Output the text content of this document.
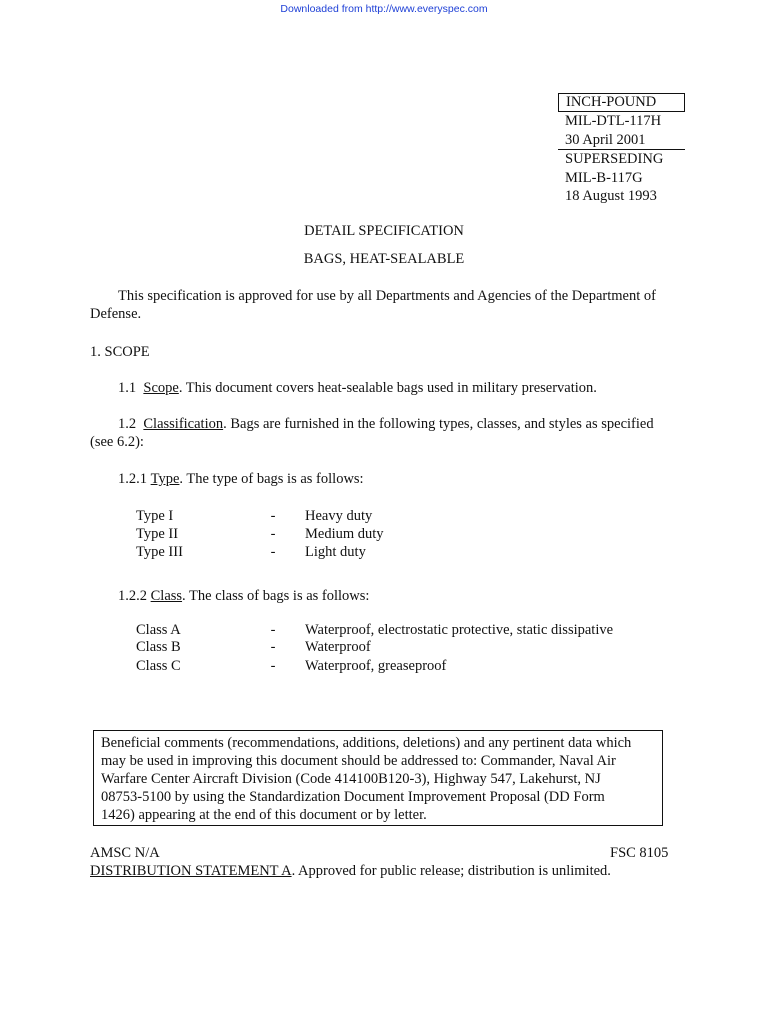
Downloaded from http://www.everyspec.com
INCH-POUND
MIL-DTL-117H
30 April 2001
SUPERSEDING
MIL-B-117G
18 August 1993
DETAIL SPECIFICATION
BAGS, HEAT-SEALABLE
This specification is approved for use by all Departments and Agencies of the Department of
Defense.
1. SCOPE
1.1 Scope. This document covers heat-sealable bags used in military preservation.
1.2 Classification. Bags are furnished in the following types, classes, and styles as specified
(see 6.2):
1.2.1 Type. The type of bags is as follows:
Type I	- Heavy duty
Type II	- Medium duty
Type III	- Light duty
1.2.2 Class. The class of bags is as follows:
Class A	- Waterproof, electrostatic protective, static dissipative
Class B	- Waterproof
Class C	- Waterproof, greaseproof
Beneficial comments (recommendations, additions, deletions) and any pertinent data which
may be used in improving this document should be addressed to: Commander, Naval Air
Warfare Center Aircraft Division (Code 414100B120-3), Highway 547, Lakehurst, NJ
08753-5100 by using the Standardization Document Improvement Proposal (DD Form
1426) appearing at the end of this document or by letter.
AMSC N/A	FSC 8105
DISTRIBUTION STATEMENT A. Approved for public release; distribution is unlimited.
